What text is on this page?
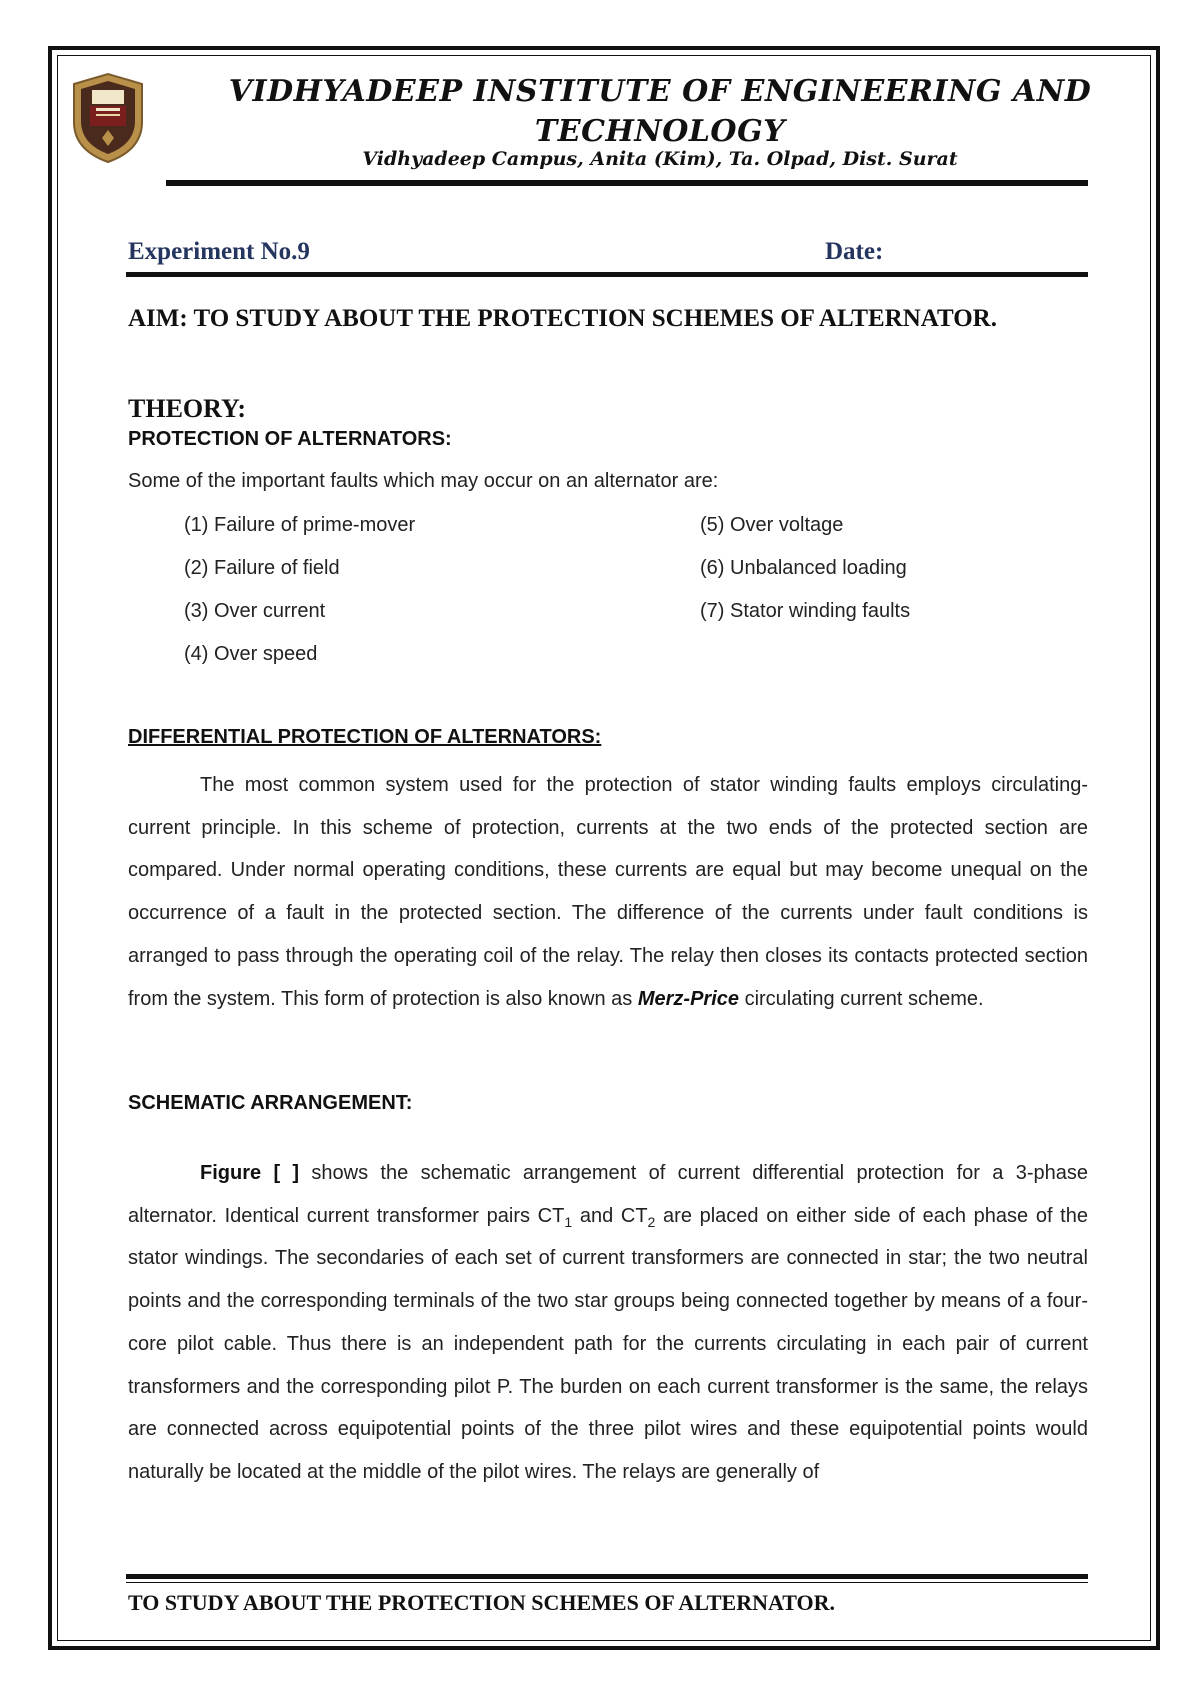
VIDHYADEEP INSTITUTE OF ENGINEERING AND TECHNOLOGY
Vidhyadeep Campus, Anita (Kim), Ta. Olpad, Dist. Surat
Experiment No.9	Date:
AIM: TO STUDY ABOUT THE PROTECTION SCHEMES OF ALTERNATOR.
THEORY:
PROTECTION OF ALTERNATORS:
Some of the important faults which may occur on an alternator are:
(1) Failure of prime-mover
(2) Failure of field
(3) Over current
(4) Over speed
(5) Over voltage
(6) Unbalanced loading
(7) Stator winding faults
DIFFERENTIAL PROTECTION OF ALTERNATORS:
The most common system used for the protection of stator winding faults employs circulating-current principle. In this scheme of protection, currents at the two ends of the protected section are compared. Under normal operating conditions, these currents are equal but may become unequal on the occurrence of a fault in the protected section. The difference of the currents under fault conditions is arranged to pass through the operating coil of the relay. The relay then closes its contacts protected section from the system. This form of protection is also known as Merz-Price circulating current scheme.
SCHEMATIC ARRANGEMENT:
Figure [ ] shows the schematic arrangement of current differential protection for a 3-phase alternator. Identical current transformer pairs $CT_1$ and $CT_2$ are placed on either side of each phase of the stator windings. The secondaries of each set of current transformers are connected in star; the two neutral points and the corresponding terminals of the two star groups being connected together by means of a four-core pilot cable. Thus there is an independent path for the currents circulating in each pair of current transformers and the corresponding pilot P. The burden on each current transformer is the same, the relays are connected across equipotential points of the three pilot wires and these equipotential points would naturally be located at the middle of the pilot wires. The relays are generally of
TO STUDY ABOUT THE PROTECTION SCHEMES OF ALTERNATOR.
